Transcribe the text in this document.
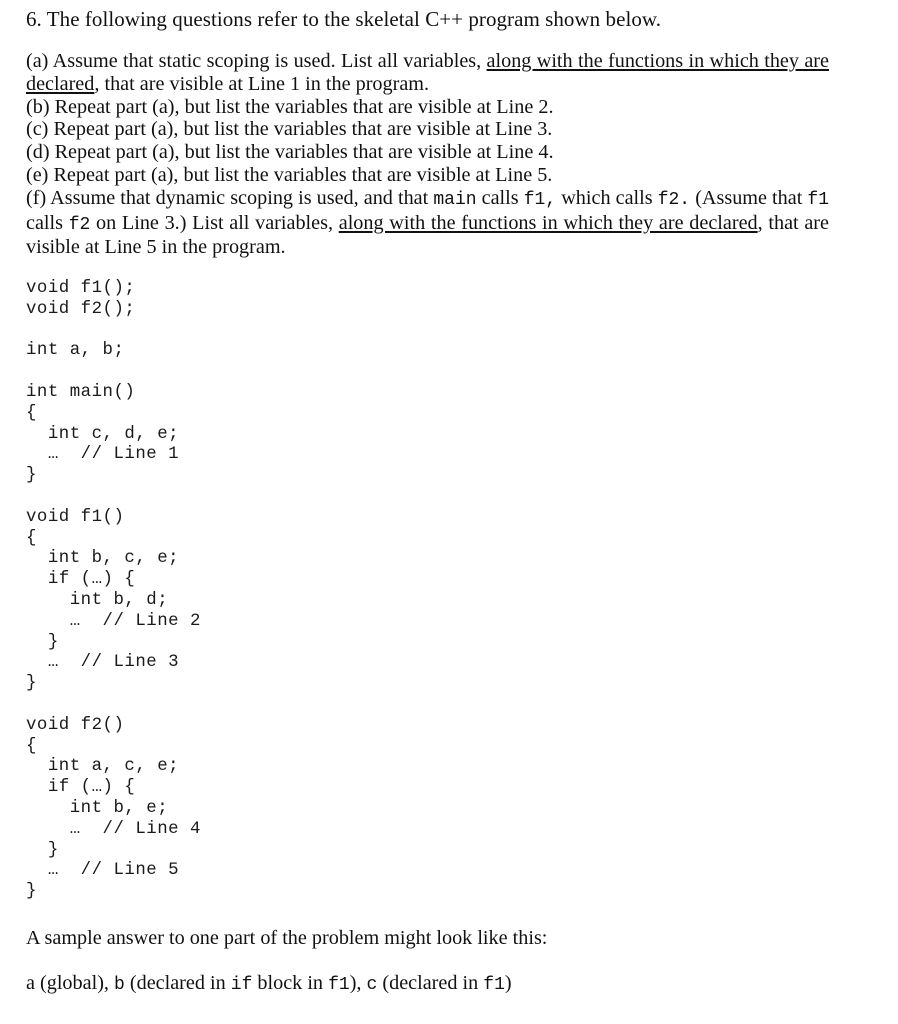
6. The following questions refer to the skeletal C++ program shown below.

(a) Assume that static scoping is used. List all variables, along with the functions in which they are declared, that are visible at Line 1 in the program.

(b) Repeat part (a), but list the variables that are visible at Line 2.

(c) Repeat part (a), but list the variables that are visible at Line 3.

(d) Repeat part (a), but list the variables that are visible at Line 4.

(e) Repeat part (a), but list the variables that are visible at Line 5.

(f) Assume that dynamic scoping is used, and that main calls f1, which calls f2. (Assume that f1 calls f2 on Line 3.) List all variables, along with the functions in which they are declared, that are visible at Line 5 in the program.

void f1();
void f2();
int a, b;
int main()
{
int c, d, e;
…  // Line 1
}
void f1()
{
int b, c, e;
if (…) {
int b, d;
…  // Line 2
}
…  // Line 3
}
void f2()
{
int a, c, e;
if (…) {
int b, e;
…  // Line 4
}
…  // Line 5
}
A sample answer to one part of the problem might look like this:
a (global), b (declared in if block in f1), c (declared in f1)
